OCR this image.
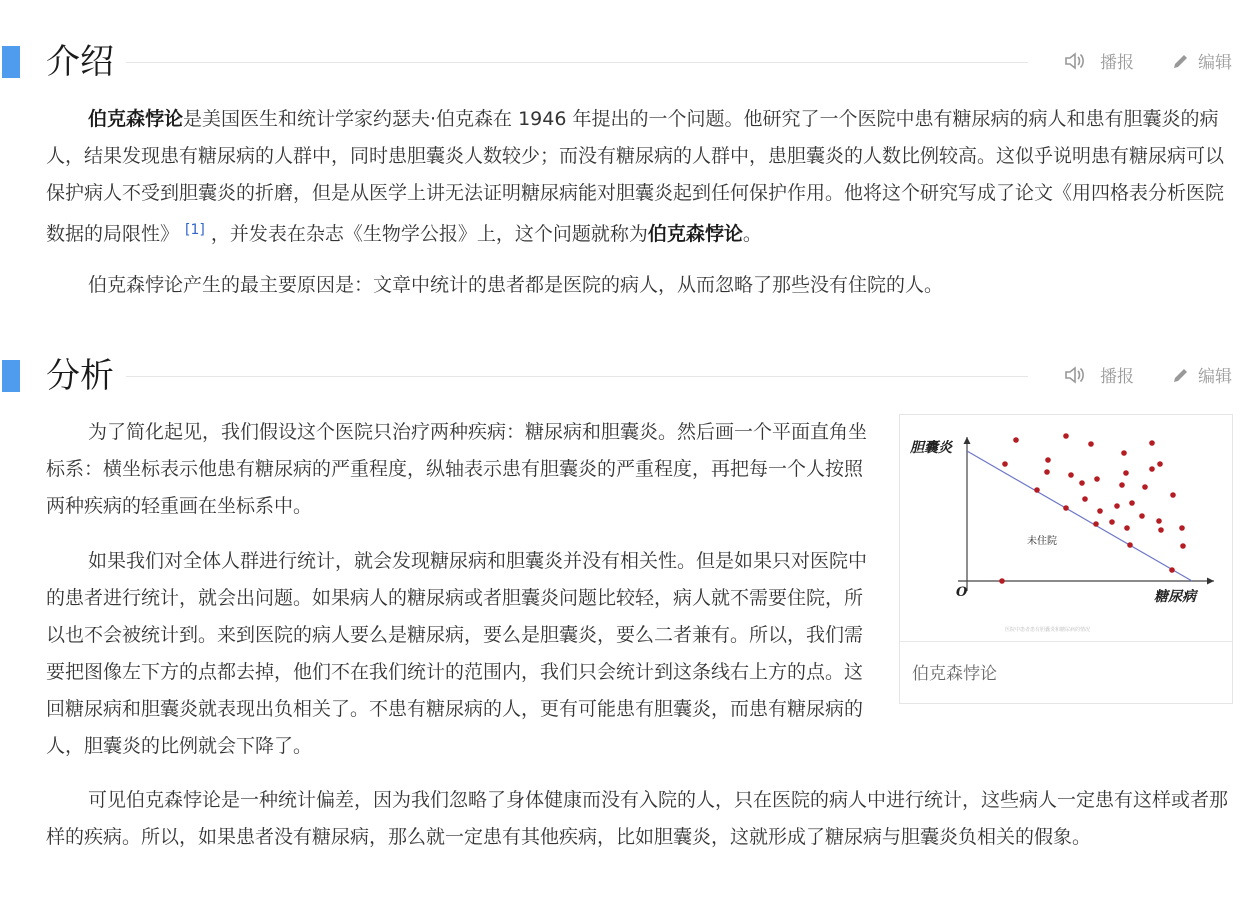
介绍	播报	编辑

伯克森悖论是美国医生和统计学家约瑟夫·伯克森在 1946 年提出的一个问题。他研究了一个医院中患有糖尿病的病人和患有胆囊炎的病人，结果发现患有糖尿病的人群中，同时患胆囊炎人数较少；而没有糖尿病的人群中，患胆囊炎的人数比例较高。这似乎说明患有糖尿病可以保护病人不受到胆囊炎的折磨，但是从医学上讲无法证明糖尿病能对胆囊炎起到任何保护作用。他将这个研究写成了论文《用四格表分析医院数据的局限性》 [1] ，并发表在杂志《生物学公报》上，这个问题就称为伯克森悖论。

伯克森悖论产生的最主要原因是：文章中统计的患者都是医院的病人，从而忽略了那些没有住院的人。

分析	播报	编辑

为了简化起见，我们假设这个医院只治疗两种疾病：糖尿病和胆囊炎。然后画一个平面直角坐标系：横坐标表示他患有糖尿病的严重程度，纵轴表示患有胆囊炎的严重程度，再把每一个人按照两种疾病的轻重画在坐标系中。

如果我们对全体人群进行统计，就会发现糖尿病和胆囊炎并没有相关性。但是如果只对医院中的患者进行统计，就会出问题。如果病人的糖尿病或者胆囊炎问题比较轻，病人就不需要住院，所以也不会被统计到。来到医院的病人要么是糖尿病，要么是胆囊炎，要么二者兼有。所以，我们需要把图像左下方的点都去掉，他们不在我们统计的范围内，我们只会统计到这条线右上方的点。这回糖尿病和胆囊炎就表现出负相关了。不患有糖尿病的人，更有可能患有胆囊炎，而患有糖尿病的人，胆囊炎的比例就会下降了。

可见伯克森悖论是一种统计偏差，因为我们忽略了身体健康而没有入院的人，只在医院的病人中进行统计，这些病人一定患有这样或者那样的疾病。所以，如果患者没有糖尿病，那么就一定患有其他疾病，比如胆囊炎，这就形成了糖尿病与胆囊炎负相关的假象。

胆囊炎
糖尿病
O
未住院
医院中患者患有胆囊炎和糖尿病的情况
伯克森悖论
